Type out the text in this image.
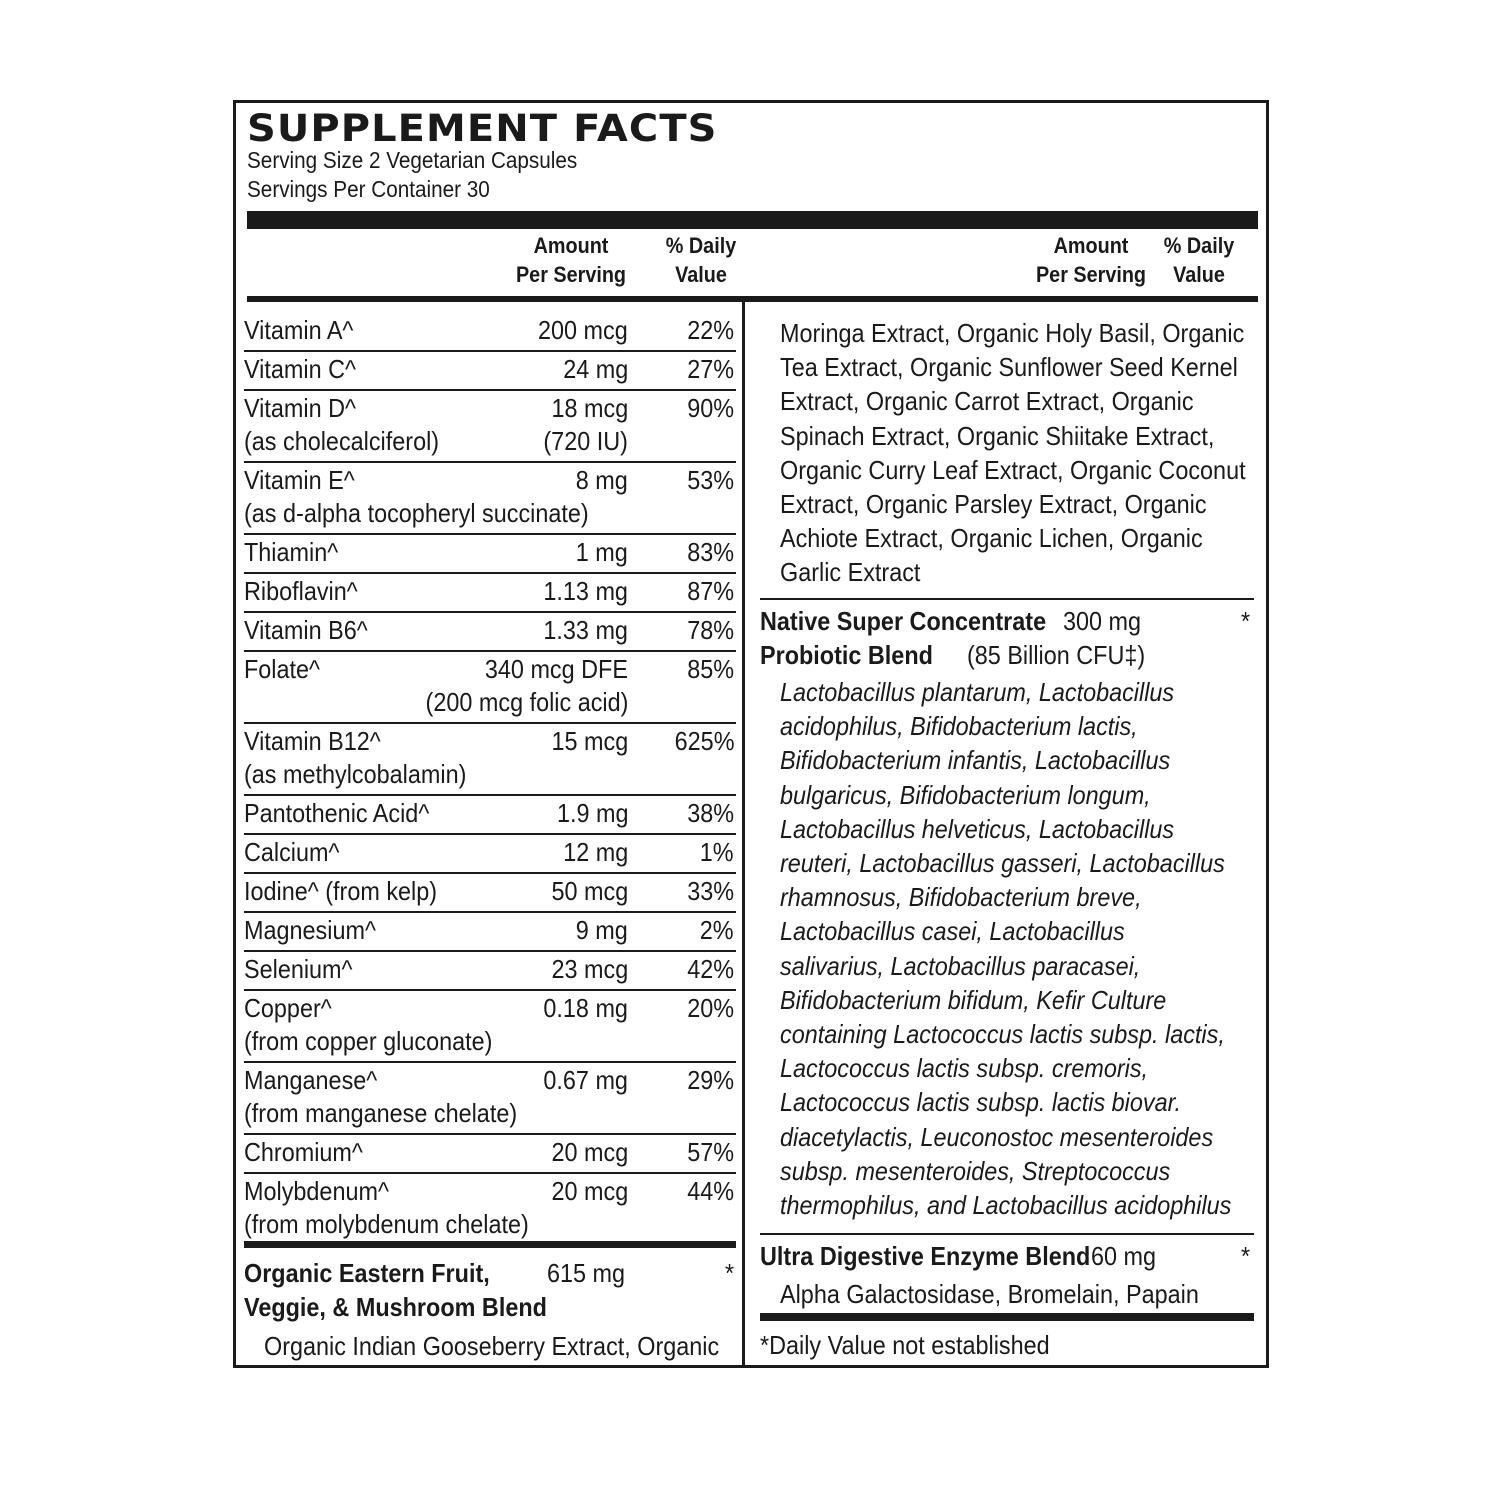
SUPPLEMENT FACTS
Serving Size 2 Vegetarian Capsules
Servings Per Container 30
Amount
Per Serving
% Daily
Value
Amount
Per Serving
% Daily
Value
Vitamin A^	200 mcg 22%
Vitamin C^	24 mg 27%
Vitamin D^	18 mcg 90%
(as cholecalciferol)	(720 IU)
Vitamin E^	8 mg 53%
(as d-alpha tocopheryl succinate)
Thiamin^	1 mg 83%
Riboflavin^	1.13 mg 87%
Vitamin B6^	1.33 mg 78%
Folate^	340 mcg DFE 85%
(200 mcg folic acid)
Vitamin B12^	15 mcg 625%
(as methylcobalamin)
Pantothenic Acid^	1.9 mg 38%
Calcium^	12 mg	1%
Iodine^ (from kelp)	50 mcg 33%
Magnesium^	9 mg	2%
Selenium^	23 mcg 42%
Copper^	0.18 mg 20%
(from copper gluconate)
Manganese^	0.67 mg 29%
(from manganese chelate)
Chromium^	20 mcg 57%
Molybdenum^	20 mcg 44%
(from molybdenum chelate)
Organic Eastern Fruit,
Veggie, & Mushroom Blend
615 mg	*
Organic Indian Gooseberry Extract, Organic
Moringa Extract, Organic Holy Basil, Organic
Tea Extract, Organic Sunflower Seed Kernel
Extract, Organic Carrot Extract, Organic
Spinach Extract, Organic Shiitake Extract,
Organic Curry Leaf Extract, Organic Coconut
Extract, Organic Parsley Extract, Organic
Achiote Extract, Organic Lichen, Organic
Garlic Extract
Native Super Concentrate 300 mg	*
Probiotic Blend (85 Billion CFU‡)
Lactobacillus plantarum, Lactobacillus
acidophilus, Bifidobacterium lactis,
Bifidobacterium infantis, Lactobacillus
bulgaricus, Bifidobacterium longum,
Lactobacillus helveticus, Lactobacillus
reuteri, Lactobacillus gasseri, Lactobacillus
rhamnosus, Bifidobacterium breve,
Lactobacillus casei, Lactobacillus
salivarius, Lactobacillus paracasei,
Bifidobacterium bifidum, Kefir Culture
containing Lactococcus lactis subsp. lactis,
Lactococcus lactis subsp. cremoris,
Lactococcus lactis subsp. lactis biovar.
diacetylactis, Leuconostoc mesenteroides
subsp. mesenteroides, Streptococcus
thermophilus, and Lactobacillus acidophilus
Ultra Digestive Enzyme Blend 60 mg	*
Alpha Galactosidase, Bromelain, Papain
*Daily Value not established
